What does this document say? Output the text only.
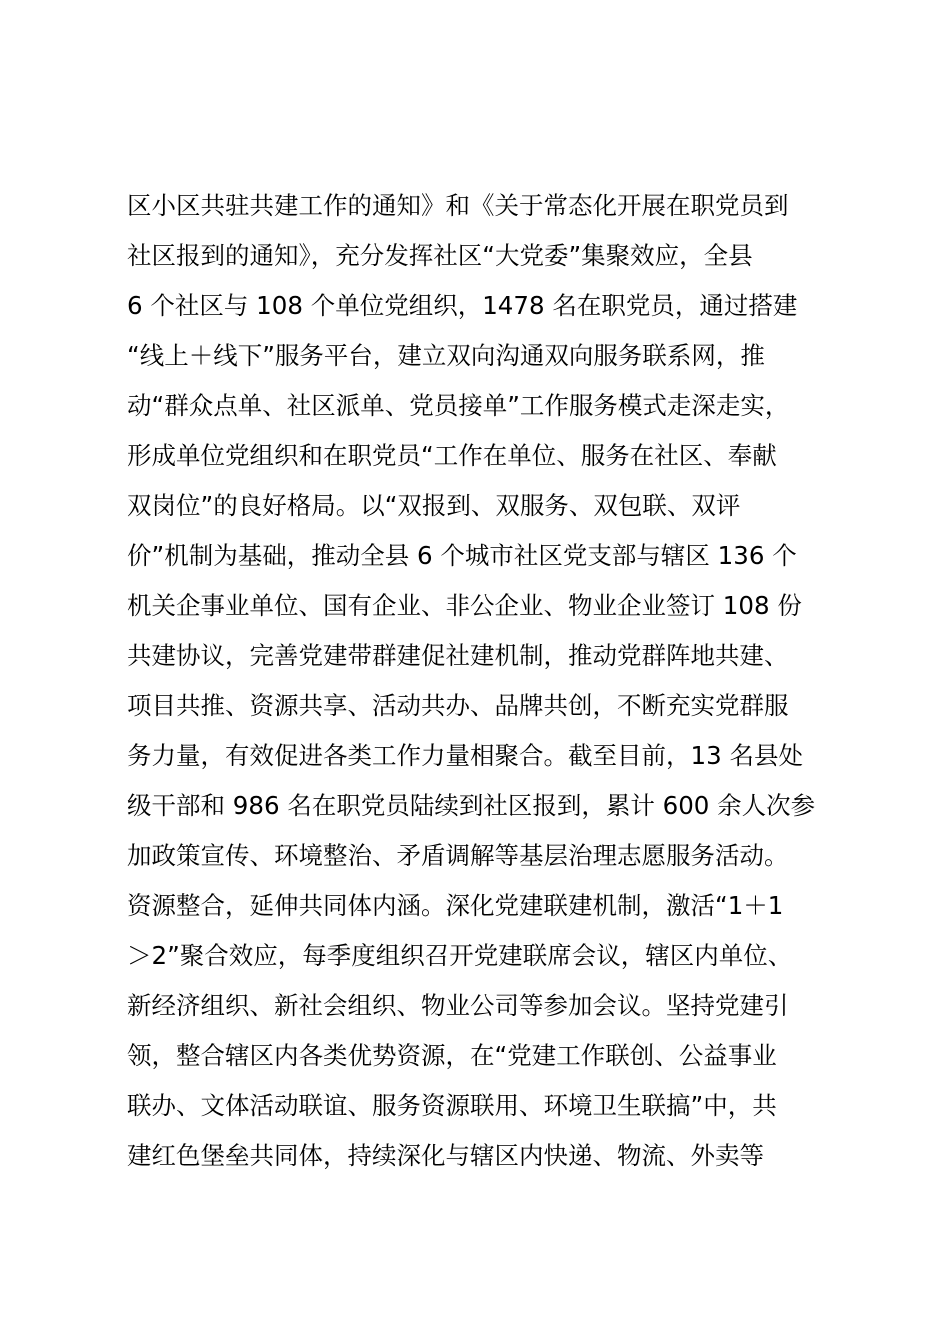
区小区共驻共建工作的通知》和《关于常态化开展在职党员到
社区报到的通知》，充分发挥社区“大党委”集聚效应，全县
6 个社区与 108 个单位党组织，1478 名在职党员，通过搭建
“线上＋线下”服务平台，建立双向沟通双向服务联系网，推
动“群众点单、社区派单、党员接单”工作服务模式走深走实，
形成单位党组织和在职党员“工作在单位、服务在社区、奉献
双岗位”的良好格局。以“双报到、双服务、双包联、双评
价”机制为基础，推动全县 6 个城市社区党支部与辖区 136 个
机关企事业单位、国有企业、非公企业、物业企业签订 108 份
共建协议，完善党建带群建促社建机制，推动党群阵地共建、
项目共推、资源共享、活动共办、品牌共创，不断充实党群服
务力量，有效促进各类工作力量相聚合。截至目前，13 名县处
级干部和 986 名在职党员陆续到社区报到，累计 600 余人次参
加政策宣传、环境整治、矛盾调解等基层治理志愿服务活动。
资源整合，延伸共同体内涵。深化党建联建机制，激活“1＋1
＞2”聚合效应，每季度组织召开党建联席会议，辖区内单位、
新经济组织、新社会组织、物业公司等参加会议。坚持党建引
领，整合辖区内各类优势资源，在“党建工作联创、公益事业
联办、文体活动联谊、服务资源联用、环境卫生联搞”中，共
建红色堡垒共同体，持续深化与辖区内快递、物流、外卖等
